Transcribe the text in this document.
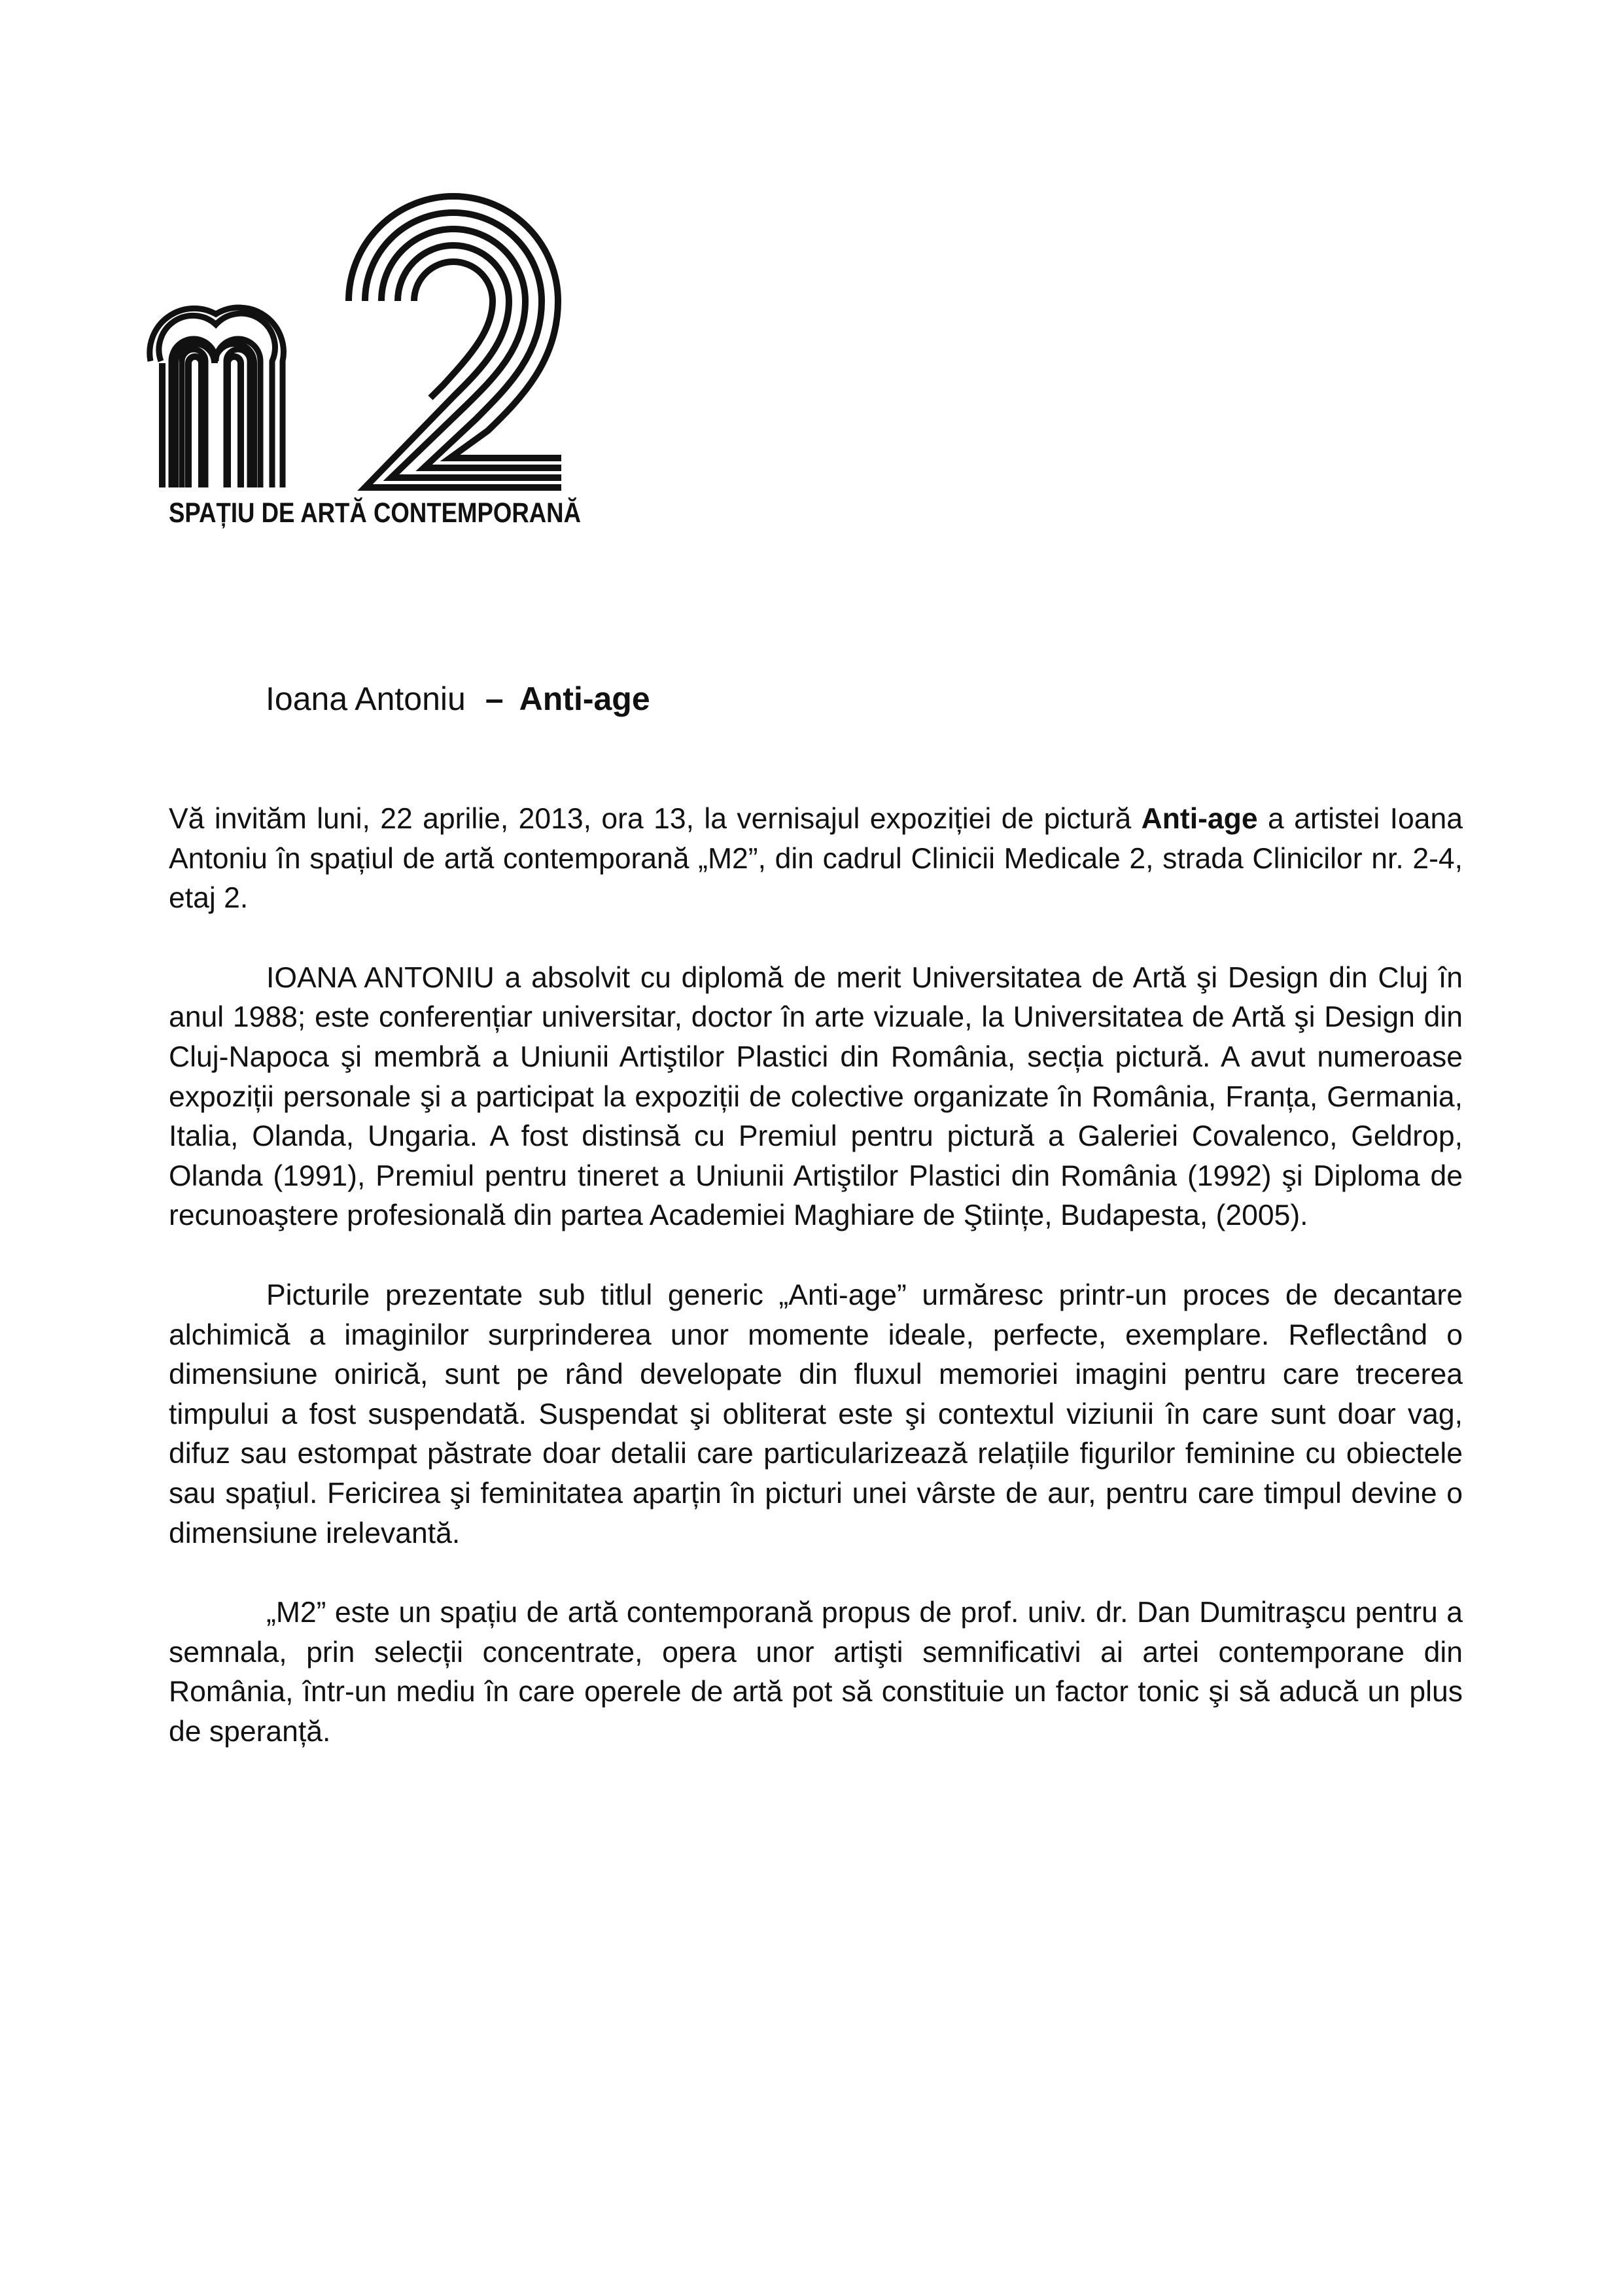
SPAȚIU DE ARTĂ CONTEMPORANĂ
Ioana Antoniu – Anti-age

Vă invităm luni, 22 aprilie, 2013, ora 13, la vernisajul expoziției de pictură Anti-age a artistei Ioana Antoniu în spațiul de artă contemporană „M2”, din cadrul Clinicii Medicale 2, strada Clinicilor nr. 2-4, etaj 2.

IOANA ANTONIU a absolvit cu diplomă de merit Universitatea de Artă şi Design din Cluj în anul 1988; este conferențiar universitar, doctor în arte vizuale, la Universitatea de Artă şi Design din Cluj-Napoca şi membră a Uniunii Artiştilor Plastici din România, secția pictură. A avut numeroase expoziții personale şi a participat la expoziții de colective organizate în România, Franța, Germania, Italia, Olanda, Ungaria. A fost distinsă cu Premiul pentru pictură a Galeriei Covalenco, Geldrop, Olanda (1991), Premiul pentru tineret a Uniunii Artiştilor Plastici din România (1992) şi Diploma de recunoaştere profesională din partea Academiei Maghiare de Ştiințe, Budapesta, (2005).

Picturile prezentate sub titlul generic „Anti-age” urmăresc printr-un proces de decantare alchimică a imaginilor surprinderea unor momente ideale, perfecte, exemplare. Reflectând o dimensiune onirică, sunt pe rând developate din fluxul memoriei imagini pentru care trecerea timpului a fost suspendată. Suspendat şi obliterat este şi contextul viziunii în care sunt doar vag, difuz sau estompat păstrate doar detalii care particularizează relațiile figurilor feminine cu obiectele sau spațiul. Fericirea şi feminitatea aparțin în picturi unei vârste de aur, pentru care timpul devine o dimensiune irelevantă.

„M2” este un spațiu de artă contemporană propus de prof. univ. dr. Dan Dumitraşcu pentru a semnala, prin selecții concentrate, opera unor artişti semnificativi ai artei contemporane din România, într-un mediu în care operele de artă pot să constituie un factor tonic şi să aducă un plus de speranță.
